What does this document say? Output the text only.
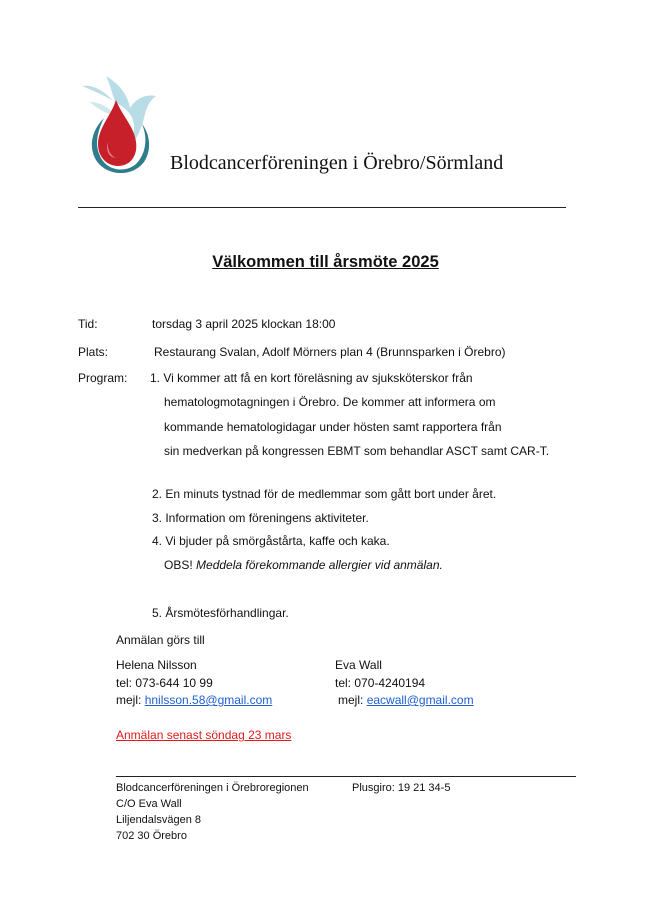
Blodcancerföreningen i Örebro/Sörmland
Välkommen till årsmöte 2025
Tid:	torsdag 3 april 2025 klockan 18:00
Plats:	Restaurang Svalan, Adolf Mörners plan 4 (Brunnsparken i Örebro)
Program: 1. Vi kommer att få en kort föreläsning av sjuksköterskor från
hematologmotagningen i Örebro. De kommer att informera om
kommande hematologidagar under hösten samt rapportera från
sin medverkan på kongressen EBMT som behandlar ASCT samt CAR-T.
2. En minuts tystnad för de medlemmar som gått bort under året.
3. Information om föreningens aktiviteter.
4. Vi bjuder på smörgåstårta, kaffe och kaka.
OBS! Meddela förekommande allergier vid anmälan.
5. Årsmötesförhandlingar.
Anmälan görs till
Helena Nilsson
tel: 073-644 10 99
mejl: hnilsson.58@gmail.com
Eva Wall
tel: 070-4240194
mejl: eacwall@gmail.com
Anmälan senast söndag 23 mars
Blodcancerföreningen i Örebroregionen	Plusgiro: 19 21 34-5
C/O Eva Wall
Liljendalsvägen 8
702 30 Örebro
